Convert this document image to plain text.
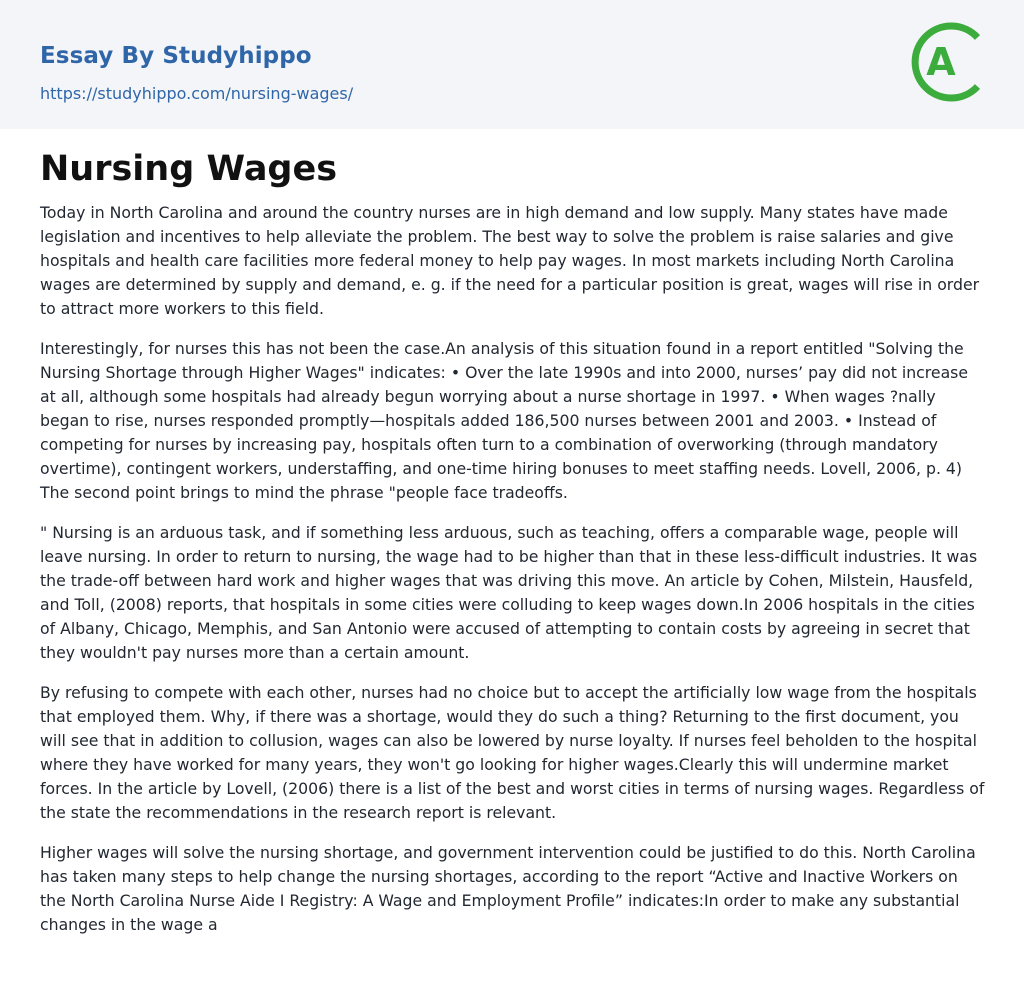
Essay By Studyhippo
https://studyhippo.com/nursing-wages/
A
Nursing Wages

Today in North Carolina and around the country nurses are in high demand and low supply. Many states have made legislation and incentives to help alleviate the problem. The best way to solve the problem is raise salaries and give hospitals and health care facilities more federal money to help pay wages. In most markets including North Carolina wages are determined by supply and demand, e. g. if the need for a particular position is great, wages will rise in order to attract more workers to this field.

Interestingly, for nurses this has not been the case.An analysis of this situation found in a report entitled "Solving the Nursing Shortage through Higher Wages" indicates: • Over the late 1990s and into 2000, nurses’ pay did not increase at all, although some hospitals had already begun worrying about a nurse shortage in 1997. • When wages ?nally began to rise, nurses responded promptly—hospitals added 186,500 nurses between 2001 and 2003. • Instead of competing for nurses by increasing pay, hospitals often turn to a combination of overworking (through mandatory overtime), contingent workers, understaffing, and one-time hiring bonuses to meet staffing needs. Lovell, 2006, p. 4) The second point brings to mind the phrase "people face tradeoffs.

" Nursing is an arduous task, and if something less arduous, such as teaching, offers a comparable wage, people will leave nursing. In order to return to nursing, the wage had to be higher than that in these less-difficult industries. It was the trade-off between hard work and higher wages that was driving this move. An article by Cohen, Milstein, Hausfeld, and Toll, (2008) reports, that hospitals in some cities were colluding to keep wages down.In 2006 hospitals in the cities of Albany, Chicago, Memphis, and San Antonio were accused of attempting to contain costs by agreeing in secret that they wouldn't pay nurses more than a certain amount.

By refusing to compete with each other, nurses had no choice but to accept the artificially low wage from the hospitals that employed them. Why, if there was a shortage, would they do such a thing? Returning to the first document, you will see that in addition to collusion, wages can also be lowered by nurse loyalty. If nurses feel beholden to the hospital where they have worked for many years, they won't go looking for higher wages.Clearly this will undermine market forces. In the article by Lovell, (2006) there is a list of the best and worst cities in terms of nursing wages. Regardless of the state the recommendations in the research report is relevant.

Higher wages will solve the nursing shortage, and government intervention could be justified to do this. North Carolina has taken many steps to help change the nursing shortages, according to the report “Active and Inactive Workers on the North Carolina Nurse Aide I Registry: A Wage and Employment Profile” indicates:In order to make any substantial changes in the wage a
